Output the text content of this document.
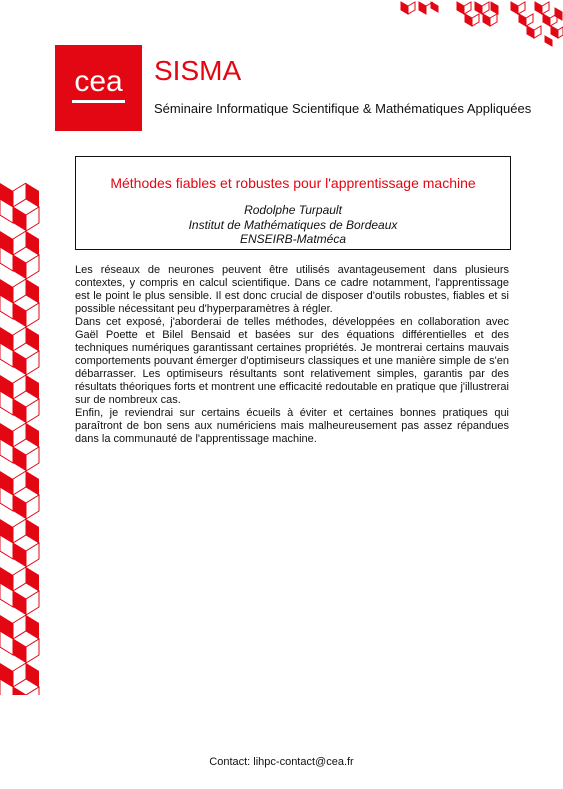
cea	SISMA
Séminaire Informatique Scientifique & Mathématiques Appliquées
Méthodes fiables et robustes pour l'apprentissage machine
Rodolphe Turpault
Institut de Mathématiques de Bordeaux
ENSEIRB-Matméca

Les réseaux de neurones peuvent être utilisés avantageusement dans plusieurs contextes, y compris en calcul scientifique. Dans ce cadre notamment, l'apprentissage est le point le plus sensible. Il est donc crucial de disposer d'outils robustes, fiables et si possible nécessitant peu d'hyperparamètres à régler.

Dans cet exposé, j'aborderai de telles méthodes, développées en collaboration avec Gaël Poette et Bilel Bensaid et basées sur des équations différentielles et des techniques numériques garantissant certaines propriétés. Je montrerai certains mauvais comportements pouvant émerger d'optimiseurs classiques et une manière simple de s'en débarrasser. Les optimiseurs résultants sont relativement simples, garantis par des résultats théoriques forts et montrent une efficacité redoutable en pratique que j'illustrerai sur de nombreux cas.

Enfin, je reviendrai sur certains écueils à éviter et certaines bonnes pratiques qui paraîtront de bon sens aux numériciens mais malheureusement pas assez répandues dans la communauté de l'apprentissage machine.

Contact: lihpc-contact@cea.fr
